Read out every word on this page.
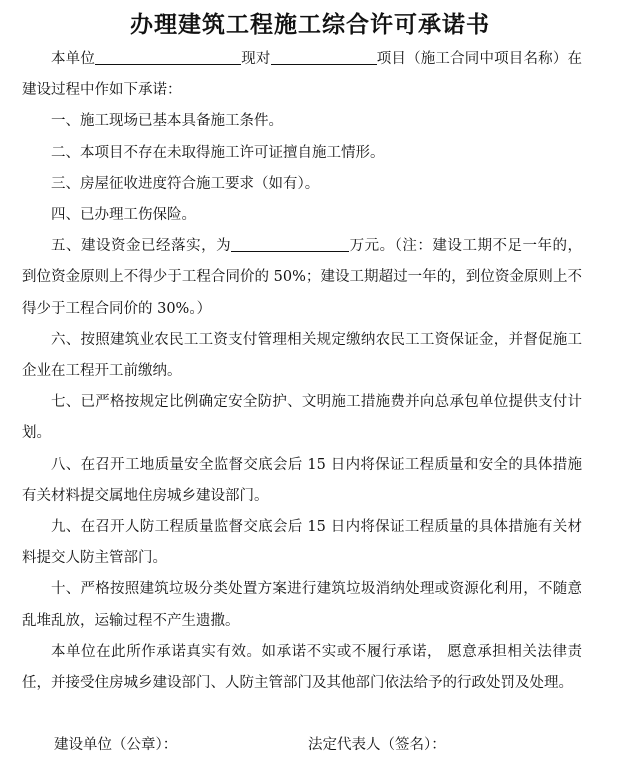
办理建筑工程施工综合许可承诺书

本单位	现对	项目（施工合同中项目名称）在建设过程中作如下承诺：

一、施工现场已基本具备施工条件。

二、本项目不存在未取得施工许可证擅自施工情形。

三、房屋征收进度符合施工要求（如有）。

四、已办理工伤保险。

五、建设资金已经落实，为	万元。（注：建设工期不足一年的，到位资金原则上不得少于工程合同价的 50%；建设工期超过一年的，到位资金原则上不得少于工程合同价的 30%。）

六、按照建筑业农民工工资支付管理相关规定缴纳农民工工资保证金，并督促施工企业在工程开工前缴纳。

七、已严格按规定比例确定安全防护、文明施工措施费并向总承包单位提供支付计划。

八、在召开工地质量安全监督交底会后 15 日内将保证工程质量和安全的具体措施有关材料提交属地住房城乡建设部门。

九、在召开人防工程质量监督交底会后 15 日内将保证工程质量的具体措施有关材料提交人防主管部门。

十、严格按照建筑垃圾分类处置方案进行建筑垃圾消纳处理或资源化利用，不随意乱堆乱放，运输过程不产生遗撒。

本单位在此所作承诺真实有效。如承诺不实或不履行承诺， 愿意承担相关法律责任，并接受住房城乡建设部门、人防主管部门及其他部门依法给予的行政处罚及处理。

建设单位（公章）：	法定代表人（签名）：
